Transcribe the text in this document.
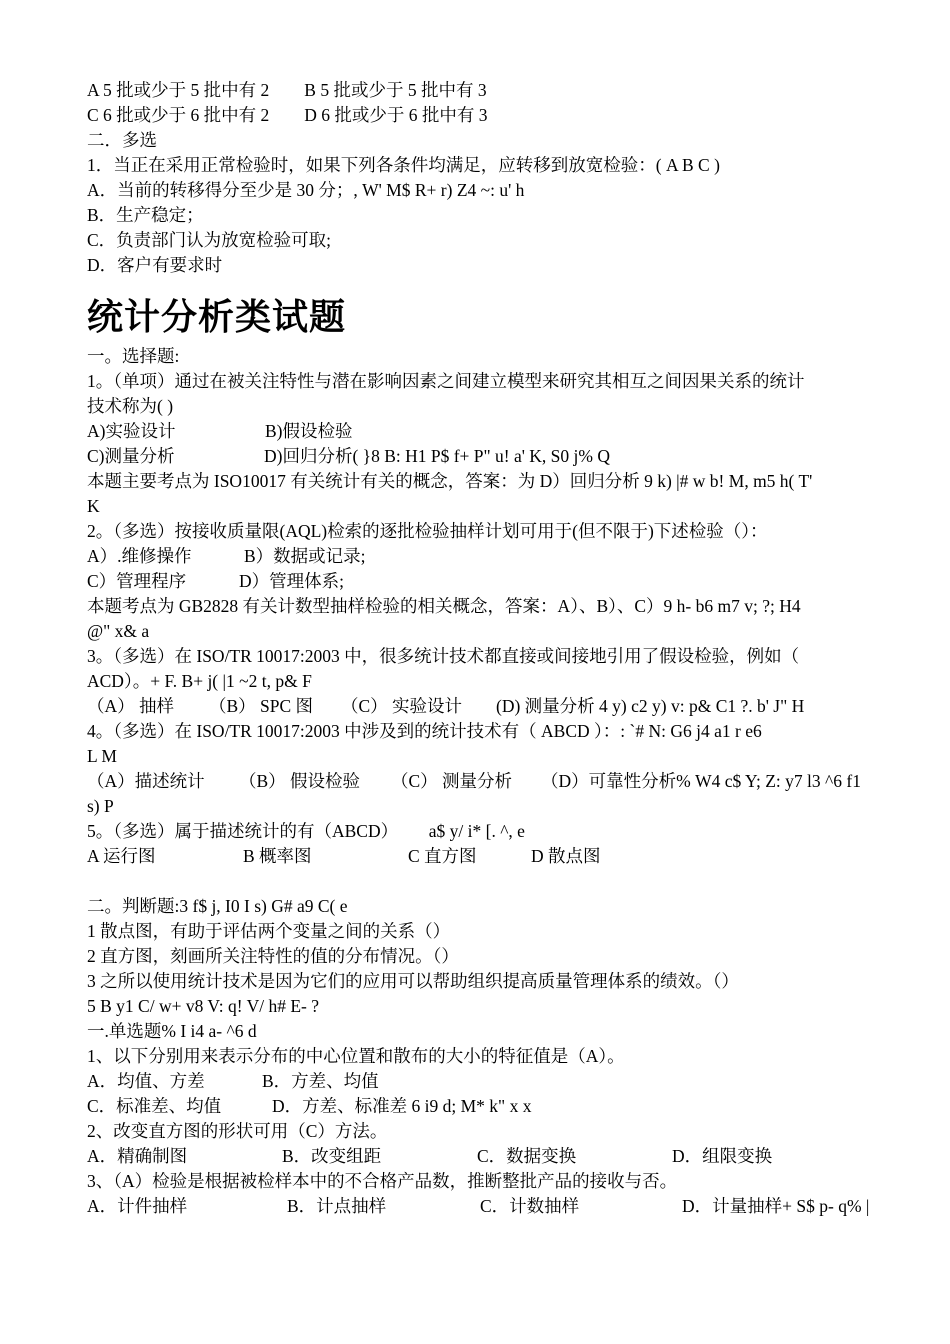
A 5 批或少于 5 批中有 2　　B 5 批或少于 5 批中有 3
C 6 批或少于 6 批中有 2　　D 6 批或少于 6 批中有 3
二．多选
1．当正在采用正常检验时，如果下列各条件均满足，应转移到放宽检验：( A B C )
A．当前的转移得分至少是 30 分；, W' M$ R+ r) Z4 ~: u' h
B．生产稳定；
C．负责部门认为放宽检验可取;
D．客户有要求时
统计分析类试题
一。选择题:
1。（单项）通过在被关注特性与潜在影响因素之间建立模型来研究其相互之间因果关系的统计
技术称为( )
A)实验设计	B)假设检验
C)测量分析	D)回归分析( }8 B: H1 P$ f+ P" u! a' K, S0 j% Q
本题主要考点为 ISO10017 有关统计有关的概念，答案：为 D）回归分析 9 k) |# w b! M, m5 h( T'
K
2。（多选）按接收质量限(AQL)检索的逐批检验抽样计划可用于(但不限于)下述检验（）：
A）.维修操作	B）数据或记录;
C）管理程序	D）管理体系;
本题考点为 GB2828 有关计数型抽样检验的相关概念，答案：A）、B）、C）9 h- b6 m7 v; ?; H4
@" x& a
3。（多选）在 ISO/TR 10017:2003 中，很多统计技术都直接或间接地引用了假设检验，例如（
ACD）。+ F. B+ j( |1 ~2 t, p& F
（A） 抽样 （B） SPC 图 （C） 实验设计 (D) 测量分析 4 y) c2 y) v: p& C1 ?. b' J" H
4。（多选）在 ISO/TR 10017:2003 中涉及到的统计技术有（ ABCD ）：: `# N: G6 j4 a1 r e6
L M
（A）描述统计 （B） 假设检验 （C） 测量分析 （D）可靠性分析% W4 c$ Y; Z: y7 l3 ^6 f1
s) P
5。（多选）属于描述统计的有（ABCD）　　 a$ y/ i* [. ^, e
A 运行图	B 概率图	C 直方图	D 散点图
二。判断题:3 f$ j, I0 I s) G# a9 C( e
1 散点图，有助于评估两个变量之间的关系（）
2 直方图，刻画所关注特性的值的分布情况。（）
3 之所以使用统计技术是因为它们的应用可以帮助组织提高质量管理体系的绩效。（）
5 B y1 C/ w+ v8 V: q! V/ h# E- ?
一.单选题% I i4 a- ^6 d
1、以下分别用来表示分布的中心位置和散布的大小的特征值是（A）。
A．均值、方差	B．方差、均值
C．标准差、均值	D．方差、标准差 6 i9 d; M* k" x x
2、改变直方图的形状可用（C）方法。
A．精确制图	B．改变组距	C．数据变换	D．组限变换
3、（A）检验是根据被检样本中的不合格产品数，推断整批产品的接收与否。
A．计件抽样	B．计点抽样	C．计数抽样	D．计量抽样+ S$ p- q% |
